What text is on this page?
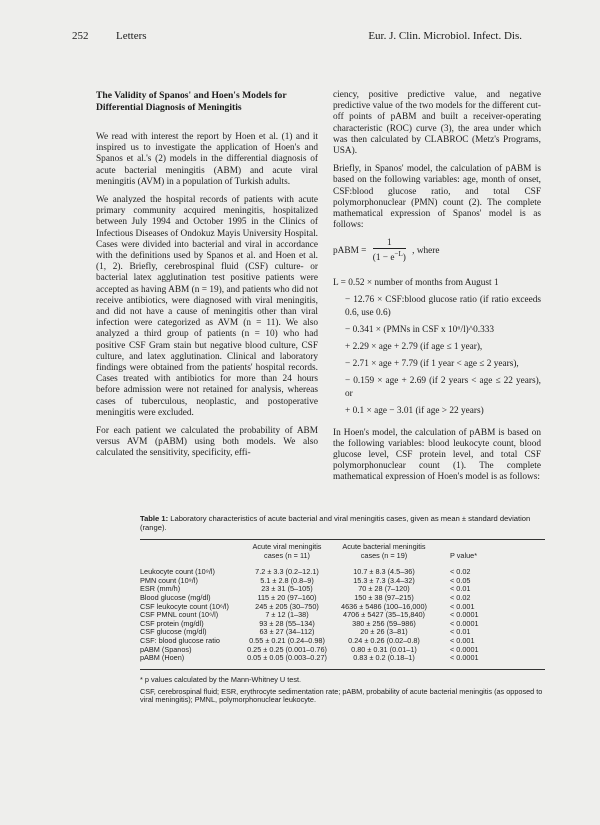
252	Letters	Eur. J. Clin. Microbiol. Infect. Dis.

The Validity of Spanos' and Hoen's Models for Differential Diagnosis of Meningitis

We read with interest the report by Hoen et al. (1) and it inspired us to investigate the application of Hoen's and Spanos et al.'s (2) models in the differential diagnosis of acute bacterial meningitis (ABM) and acute viral meningitis (AVM) in a population of Turkish adults.

We analyzed the hospital records of patients with acute primary community acquired meningitis, hospitalized between July 1994 and October 1995 in the Clinics of Infectious Diseases of Ondokuz Mayis University Hospital. Cases were divided into bacterial and viral in accordance with the definitions used by Spanos et al. and Hoen et al. (1, 2). Briefly, cerebrospinal fluid (CSF) culture- or bacterial latex agglutination test positive patients were accepted as having ABM (n = 19), and patients who did not receive antibiotics, were diagnosed with viral meningitis, and did not have a cause of meningitis other than viral infection were categorized as AVM (n = 11). We also analyzed a third group of patients (n = 10) who had positive CSF Gram stain but negative blood culture, CSF culture, and latex agglutination. Clinical and laboratory findings were obtained from the patients' hospital records. Cases treated with antibiotics for more than 24 hours before admission were not retained for analysis, whereas cases of tuberculous, neoplastic, and postoperative meningitis were excluded.

For each patient we calculated the probability of ABM versus AVM (pABM) using both models. We also calculated the sensitivity, specificity, effi-

ciency, positive predictive value, and negative predictive value of the two models for the different cut-off points of pABM and built a receiver-operating characteristic (ROC) curve (3), the area under which was then calculated by CLABROC (Metz's Programs, USA).

Briefly, in Spanos' model, the calculation of pABM is based on the following variables: age, month of onset, CSF:blood glucose ratio, and total CSF polymorphonuclear (PMN) count (2). The complete mathematical expression of Spanos' model is as follows:

pABM = $\frac{1}{(1 - e^{-L})}$ , where
L = 0.52 × number of months from August 1
− 12.76 × CSF:blood glucose ratio (if ratio exceeds 0.6, use 0.6)
− 0.341 × (PMNs in CSF x 10⁶/l)^0.333
+ 2.29 × age + 2.79 (if age ≤ 1 year),
− 2.71 × age + 7.79 (if 1 year < age ≤ 2 years),
− 0.159 × age + 2.69 (if 2 years < age ≤ 22 years), or
+ 0.1 × age − 3.01 (if age > 22 years)

In Hoen's model, the calculation of pABM is based on the following variables: blood leukocyte count, blood glucose level, CSF protein level, and total CSF polymorphonuclear count (1). The complete mathematical expression of Hoen's model is as follows:

Table 1: Laboratory characteristics of acute bacterial and viral meningitis cases, given as mean ± standard deviation (range).

	Acute viral meningitis
cases (n = 11)	Acute bacterial meningitis
cases (n = 19)	P value*
Leukocyte count (10⁹/l)	7.2 ± 3.3 (0.2–12.1)	10.7 ± 8.3 (4.5–36)	< 0.02
PMN count (10⁹/l)	5.1 ± 2.8 (0.8–9)	15.3 ± 7.3 (3.4–32)	< 0.05
ESR (mm/h)	23 ± 31 (5–105)	70 ± 28 (7–120)	< 0.01
Blood glucose (mg/dl)	115 ± 20 (97–160)	150 ± 38 (97–215)	< 0.02
CSF leukocyte count (10⁶/l)	245 ± 205 (30–750)	4636 ± 5486 (100–16,000)	< 0.001
CSF PMNL count (10⁶/l)	7 ± 12 (1–38)	4706 ± 5427 (35–15,840)	< 0.0001
CSF protein (mg/dl)	93 ± 28 (55–134)	380 ± 256 (59–986)	< 0.0001
CSF glucose (mg/dl)	63 ± 27 (34–112)	20 ± 26 (3–81)	< 0.01
CSF: blood glucose ratio	0.55 ± 0.21 (0.24–0.98)	0.24 ± 0.26 (0.02–0.8)	< 0.001
pABM (Spanos)	0.25 ± 0.25 (0.001–0.76)	0.80 ± 0.31 (0.01–1)	< 0.0001
pABM (Hoen)	0.05 ± 0.05 (0.003–0.27)	0.83 ± 0.2 (0.18–1)	< 0.0001

* p values calculated by the Mann-Whitney U test.

CSF, cerebrospinal fluid; ESR, erythrocyte sedimentation rate; pABM, probability of acute bacterial meningitis (as opposed to viral meningitis); PMNL, polymorphonuclear leukocyte.
